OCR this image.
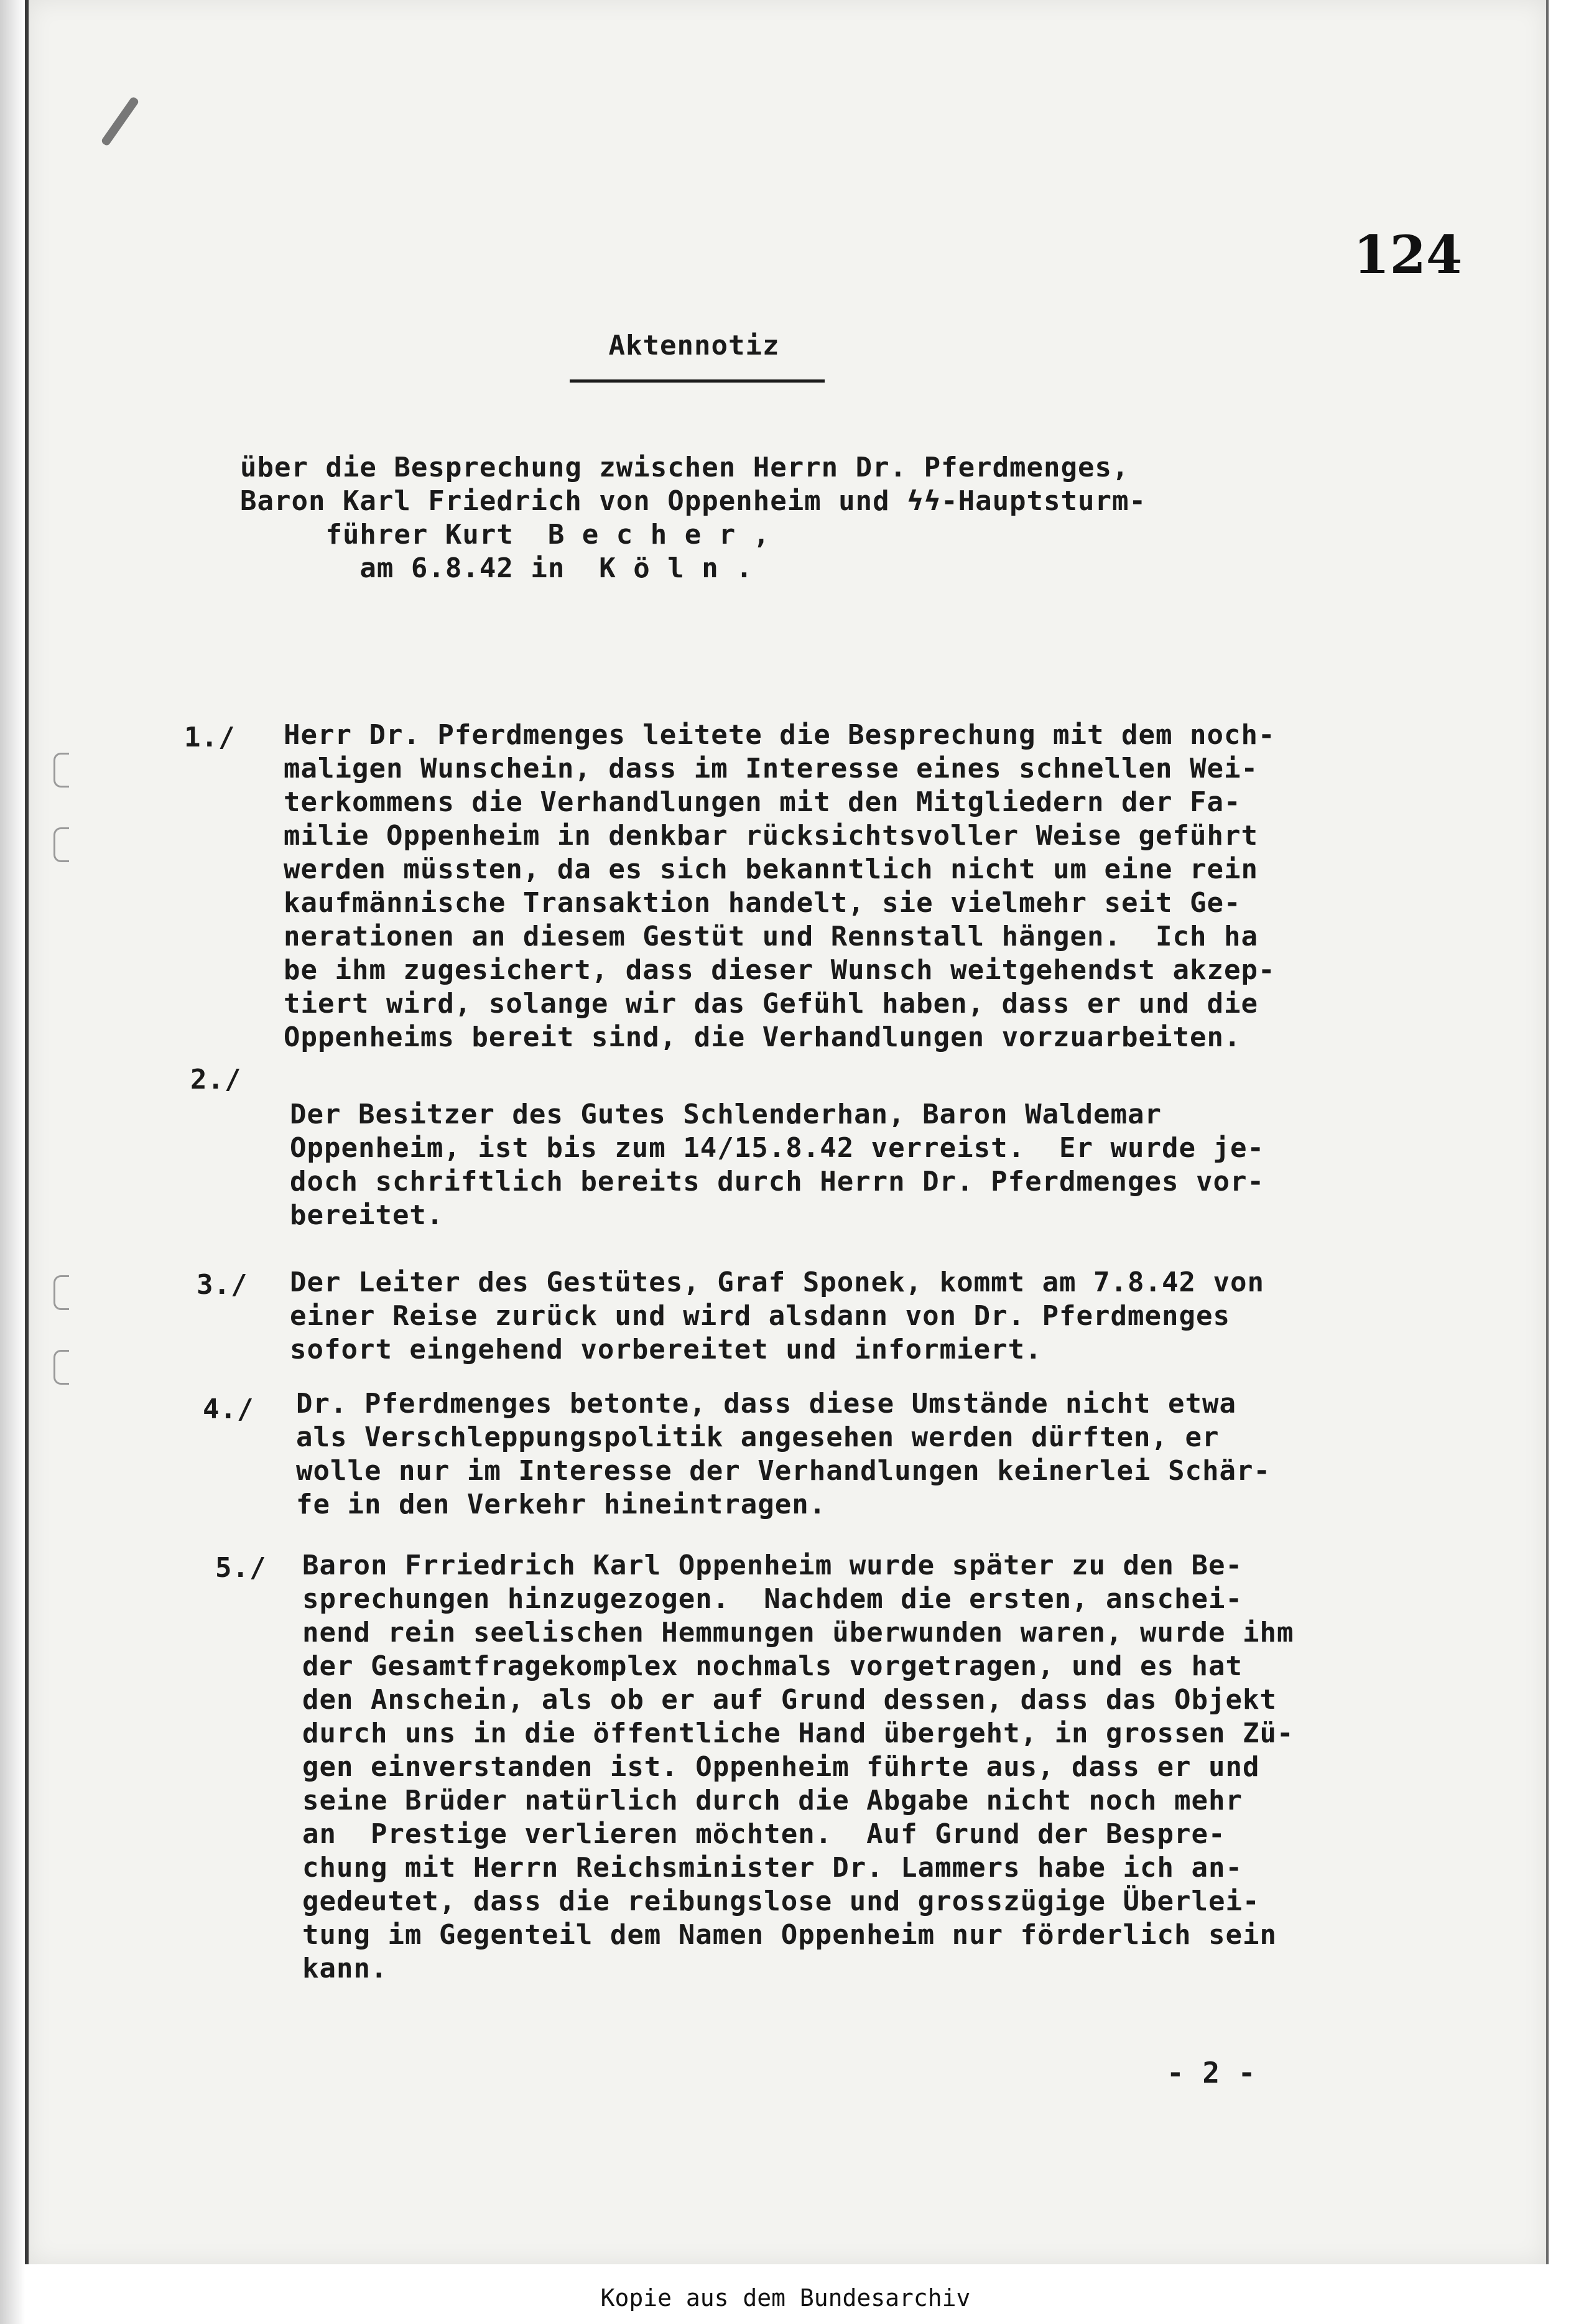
124
Aktennotiz
über die Besprechung zwischen Herrn Dr. Pferdmenges,
Baron Karl Friedrich von Oppenheim und ϟϟ-Hauptsturm-
führer Kurt  B e c h e r ,
am 6.8.42 in  K ö l n .
1./ Herr Dr. Pferdmenges leitete die Besprechung mit dem noch-
maligen Wunschein, dass im Interesse eines schnellen Wei-
terkommens die Verhandlungen mit den Mitgliedern der Fa-
milie Oppenheim in denkbar rücksichtsvoller Weise geführt
werden müssten, da es sich bekanntlich nicht um eine rein
kaufmännische Transaktion handelt, sie vielmehr seit Ge-
nerationen an diesem Gestüt und Rennstall hängen.  Ich ha
be ihm zugesichert, dass dieser Wunsch weitgehendst akzep-
tiert wird, solange wir das Gefühl haben, dass er und die
Oppenheims bereit sind, die Verhandlungen vorzuarbeiten.
2./
Der Besitzer des Gutes Schlenderhan, Baron Waldemar
Oppenheim, ist bis zum 14/15.8.42 verreist.  Er wurde je-
doch schriftlich bereits durch Herrn Dr. Pferdmenges vor-
bereitet.
3./ Der Leiter des Gestütes, Graf Sponek, kommt am 7.8.42 von
einer Reise zurück und wird alsdann von Dr. Pferdmenges
sofort eingehend vorbereitet und informiert.
4./ Dr. Pferdmenges betonte, dass diese Umstände nicht etwa
als Verschleppungspolitik angesehen werden dürften, er
wolle nur im Interesse der Verhandlungen keinerlei Schär-
fe in den Verkehr hineintragen.
5./ Baron Frriedrich Karl Oppenheim wurde später zu den Be-
sprechungen hinzugezogen.  Nachdem die ersten, anschei-
nend rein seelischen Hemmungen überwunden waren, wurde ihm
der Gesamtfragekomplex nochmals vorgetragen, und es hat
den Anschein, als ob er auf Grund dessen, dass das Objekt
durch uns in die öffentliche Hand übergeht, in grossen Zü-
gen einverstanden ist. Oppenheim führte aus, dass er und
seine Brüder natürlich durch die Abgabe nicht noch mehr
an  Prestige verlieren möchten.  Auf Grund der Bespre-
chung mit Herrn Reichsminister Dr. Lammers habe ich an-
gedeutet, dass die reibungslose und grosszügige Überlei-
tung im Gegenteil dem Namen Oppenheim nur förderlich sein
kann.
- 2 -
Kopie aus dem Bundesarchiv
